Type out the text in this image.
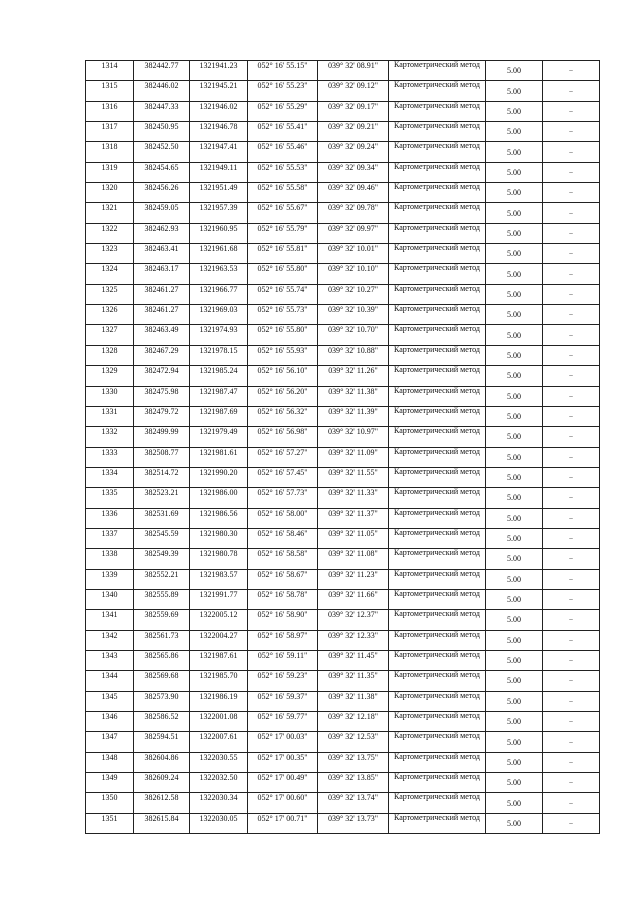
1314	382442.77	1321941.23	052° 16' 55.15"	039° 32' 08.91"	Картометрический метод	5.00	–
1315	382446.02	1321945.21	052° 16' 55.23"	039° 32' 09.12"	Картометрический метод	5.00	–
1316	382447.33	1321946.02	052° 16' 55.29"	039° 32' 09.17"	Картометрический метод	5.00	–
1317	382450.95	1321946.78	052° 16' 55.41"	039° 32' 09.21"	Картометрический метод	5.00	–
1318	382452.50	1321947.41	052° 16' 55.46"	039° 32' 09.24"	Картометрический метод	5.00	–
1319	382454.65	1321949.11	052° 16' 55.53"	039° 32' 09.34"	Картометрический метод	5.00	–
1320	382456.26	1321951.49	052° 16' 55.58"	039° 32' 09.46"	Картометрический метод	5.00	–
1321	382459.05	1321957.39	052° 16' 55.67"	039° 32' 09.78"	Картометрический метод	5.00	–
1322	382462.93	1321960.95	052° 16' 55.79"	039° 32' 09.97"	Картометрический метод	5.00	–
1323	382463.41	1321961.68	052° 16' 55.81"	039° 32' 10.01"	Картометрический метод	5.00	–
1324	382463.17	1321963.53	052° 16' 55.80"	039° 32' 10.10"	Картометрический метод	5.00	–
1325	382461.27	1321966.77	052° 16' 55.74"	039° 32' 10.27"	Картометрический метод	5.00	–
1326	382461.27	1321969.03	052° 16' 55.73"	039° 32' 10.39"	Картометрический метод	5.00	–
1327	382463.49	1321974.93	052° 16' 55.80"	039° 32' 10.70"	Картометрический метод	5.00	–
1328	382467.29	1321978.15	052° 16' 55.93"	039° 32' 10.88"	Картометрический метод	5.00	–
1329	382472.94	1321985.24	052° 16' 56.10"	039° 32' 11.26"	Картометрический метод	5.00	–
1330	382475.98	1321987.47	052° 16' 56.20"	039° 32' 11.38"	Картометрический метод	5.00	–
1331	382479.72	1321987.69	052° 16' 56.32"	039° 32' 11.39"	Картометрический метод	5.00	–
1332	382499.99	1321979.49	052° 16' 56.98"	039° 32' 10.97"	Картометрический метод	5.00	–
1333	382508.77	1321981.61	052° 16' 57.27"	039° 32' 11.09"	Картометрический метод	5.00	–
1334	382514.72	1321990.20	052° 16' 57.45"	039° 32' 11.55"	Картометрический метод	5.00	–
1335	382523.21	1321986.00	052° 16' 57.73"	039° 32' 11.33"	Картометрический метод	5.00	–
1336	382531.69	1321986.56	052° 16' 58.00"	039° 32' 11.37"	Картометрический метод	5.00	–
1337	382545.59	1321980.30	052° 16' 58.46"	039° 32' 11.05"	Картометрический метод	5.00	–
1338	382549.39	1321980.78	052° 16' 58.58"	039° 32' 11.08"	Картометрический метод	5.00	–
1339	382552.21	1321983.57	052° 16' 58.67"	039° 32' 11.23"	Картометрический метод	5.00	–
1340	382555.89	1321991.77	052° 16' 58.78"	039° 32' 11.66"	Картометрический метод	5.00	–
1341	382559.69	1322005.12	052° 16' 58.90"	039° 32' 12.37"	Картометрический метод	5.00	–
1342	382561.73	1322004.27	052° 16' 58.97"	039° 32' 12.33"	Картометрический метод	5.00	–
1343	382565.86	1321987.61	052° 16' 59.11"	039° 32' 11.45"	Картометрический метод	5.00	–
1344	382569.68	1321985.70	052° 16' 59.23"	039° 32' 11.35"	Картометрический метод	5.00	–
1345	382573.90	1321986.19	052° 16' 59.37"	039° 32' 11.38"	Картометрический метод	5.00	–
1346	382586.52	1322001.08	052° 16' 59.77"	039° 32' 12.18"	Картометрический метод	5.00	–
1347	382594.51	1322007.61	052° 17' 00.03"	039° 32' 12.53"	Картометрический метод	5.00	–
1348	382604.86	1322030.55	052° 17' 00.35"	039° 32' 13.75"	Картометрический метод	5.00	–
1349	382609.24	1322032.50	052° 17' 00.49"	039° 32' 13.85"	Картометрический метод	5.00	–
1350	382612.58	1322030.34	052° 17' 00.60"	039° 32' 13.74"	Картометрический метод	5.00	–
1351	382615.84	1322030.05	052° 17' 00.71"	039° 32' 13.73"	Картометрический метод	5.00	–
